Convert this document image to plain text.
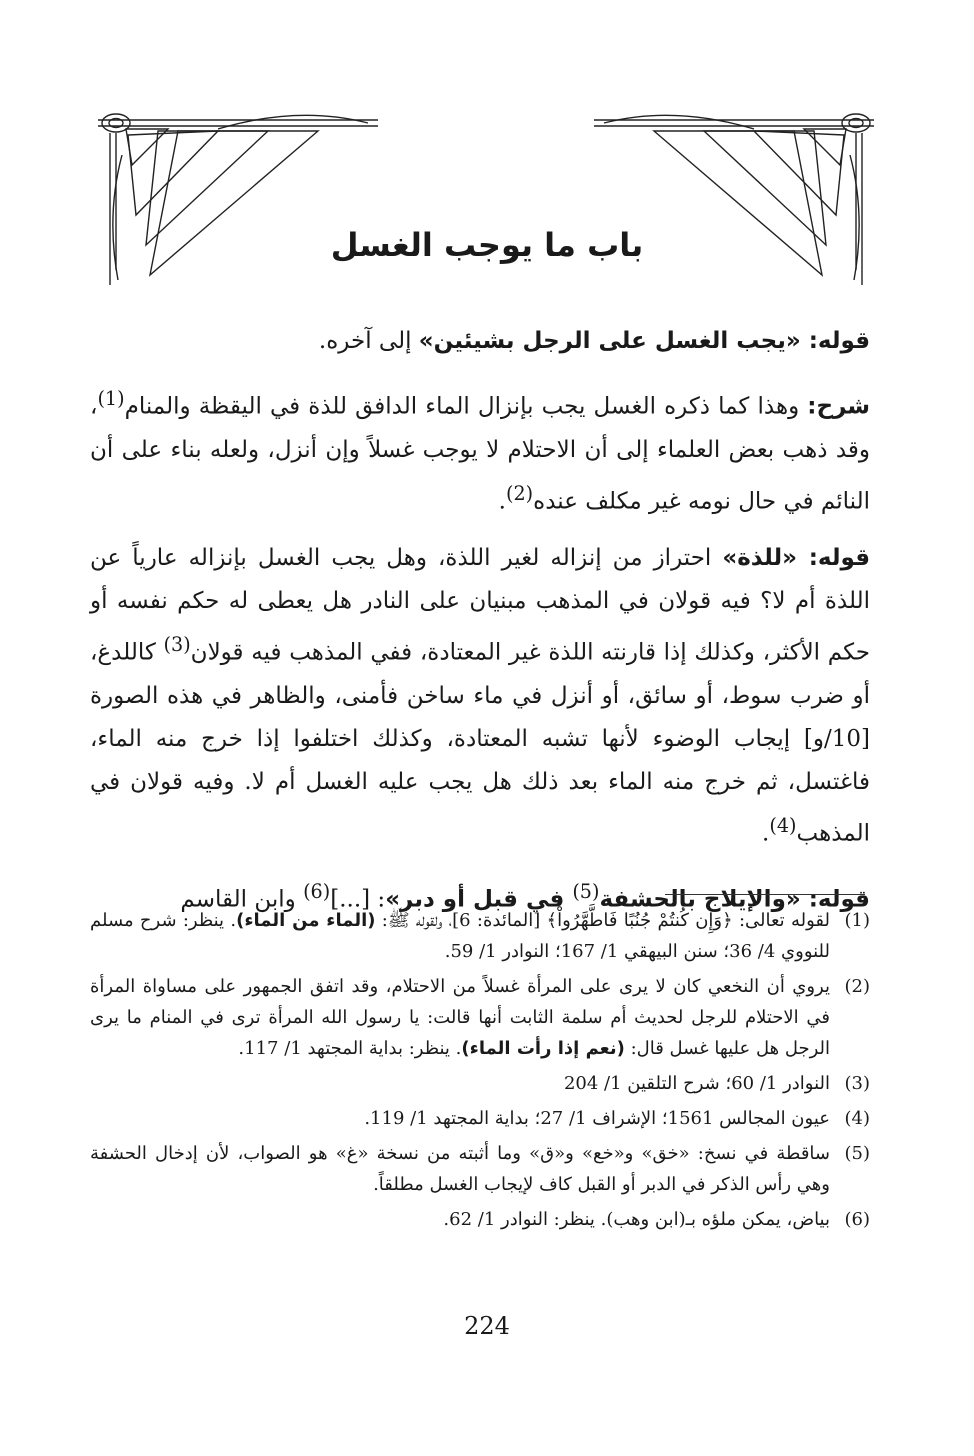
باب ما يوجب الغسل

قوله: «يجب الغسل على الرجل بشيئين» إلى آخره.

شرح: وهذا كما ذكره الغسل يجب بإنزال الماء الدافق للذة في اليقظة والمنام$^{(1)}$، وقد ذهب بعض العلماء إلى أن الاحتلام لا يوجب غسلاً وإن أنزل، ولعله بناء على أن النائم في حال نومه غير مكلف عنده$^{(2)}$.

قوله: «للذة» احتراز من إنزاله لغير اللذة، وهل يجب الغسل بإنزاله عارياً عن اللذة أم لا؟ فيه قولان في المذهب مبنيان على النادر هل يعطى له حكم نفسه أو حكم الأكثر، وكذلك إذا قارنته اللذة غير المعتادة، ففي المذهب فيه قولان$^{(3)}$ كاللدغ، أو ضرب سوط، أو سائق، أو أنزل في ماء ساخن فأمنى، والظاهر في هذه الصورة [10/و] إيجاب الوضوء لأنها تشبه المعتادة، وكذلك اختلفوا إذا خرج منه الماء، فاغتسل، ثم خرج منه الماء بعد ذلك هل يجب عليه الغسل أم لا. وفيه قولان في المذهب$^{(4)}$.

قوله: «والإيلاج بالحشفة$^{(5)}$ في قبل أو دبر»: [...]$^{(6)}$ وابن القاسم

(1)
لقوله تعالى: ﴿وَإِن كُنتُمْ جُنُبًا فَاطَّهَّرُواْ﴾ [المائدة: 6]، ولقوله ﷺ: (الماء من الماء). ينظر: شرح مسلم للنووي 4/ 36؛ سنن البيهقي 1/ 167؛ النوادر 1/ 59.
(2)
يروي أن النخعي كان لا يرى على المرأة غسلاً من الاحتلام، وقد اتفق الجمهور على مساواة المرأة في الاحتلام للرجل لحديث أم سلمة الثابت أنها قالت: يا رسول الله المرأة ترى في المنام ما يرى الرجل هل عليها غسل قال: (نعم إذا رأت الماء). ينظر: بداية المجتهد 1/ 117.
(3)
النوادر 1/ 60؛ شرح التلقين 1/ 204
(4)
عيون المجالس 1561؛ الإشراف 1/ 27؛ بداية المجتهد 1/ 119.
(5)
ساقطة في نسخ: «خق» و«خع» و«ق» وما أثبته من نسخة «غ» هو الصواب، لأن إدخال الحشفة وهي رأس الذكر في الدبر أو القبل كاف لإيجاب الغسل مطلقاً.
(6)
بياض، يمكن ملؤه بـ(ابن وهب). ينظر: النوادر 1/ 62.
224
